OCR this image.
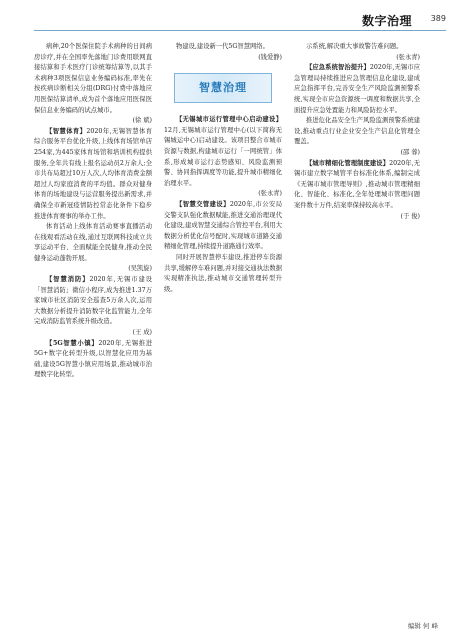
数字治理 389

病种,20个医保住院手术病种的日间病房诊疗,并在全国率先落地门诊费用联网直接结算和手术医疗门诊统筹结算等,以其手术病种3项医保信息业务编码标准,率先在按疾病诊断相关分组(DRG)付费中落地应用医保结算清单,成为首个落地应用医保医保信息业务编码的试点城市。
(徐 斌)

【智慧体育】2020年,无锡智慧体育综合服务平台优化升级,上线体育场馆单店254家,为445家体育场馆和培训机构提供服务,全年共有线上报名运动员2万余人;全市共布局超过10万人次,人均体育消费金额超过人均家庭消费的平均值。群众对健身体育的场地建设与运营服务提出新需求,并确保全市新冠疫情防控常态化条件下稳步推进体育赛事的举办工作。

体育活动上线体育活动赛事直播活动在线观看活动在线,通过互联网科技成立共享运动平台、全面赋能全民健身,推动全民健身运动蓬勃开展。
(吴凯旋)

【智慧消防】2020年,无锡市建设「智慧消防」微信小程序,成为推进1.37万家城市社区消防安全巡查5万余人次,运用大数据分析提升消防数字化监管能力,全年完成消防监管系统升级改造。
(王 成)

【5G智慧小镇】2020年,无锡推进5G+数字化转型升级,以智慧化应用为基础,建设5G智慧小镇应用场景,推动城市治理数字化转型。

物建设,建设新一代5G智慧网络。
(钱爱静)

智慧治理

【无锡城市运行管理中心启动建设】12月,无锡城市运行管理中心(以下简称无锡城运中心)启动建设。该项目整合市城市资源与数据,构建城市运行「一网统管」体系,形成城市运行态势感知、风险监测预警、协同指挥调度等功能,提升城市精细化治理水平。
(张永青)

【智慧交管建设】2020年,市公安局交警支队强化数据赋能,推进交通治理现代化建设,建成智慧交通综合管控平台,利用大数据分析优化信号配时,实现城市道路交通精细化管理,持续提升道路通行效率。

同时开展智慧停车建设,推进停车资源共享,缓解停车难问题,并对接交通执法数据实现精准执法,推动城市交通管理转型升级。

示系统,解决重大事故警告难问题。
(张永青)

【应急系统智治提升】2020年,无锡市应急管理局持续推进应急管理信息化建设,建成应急指挥平台,完善安全生产风险监测预警系统,实现全市应急资源统一调度和数据共享,全面提升应急处置能力和风险防控水平。

推进危化品安全生产风险监测预警系统建设,推动重点行业企业安全生产信息化管理全覆盖。
(邵 蓉)

【城市精细化管理制度建设】2020年,无锡市建立数字城管平台标准化体系,编制完成《无锡市城市管理导则》,推动城市管理精细化、智能化、标准化,全年处理城市管理问题案件数十万件,结案率保持较高水平。
(于 俊)

编辑 何 峰
